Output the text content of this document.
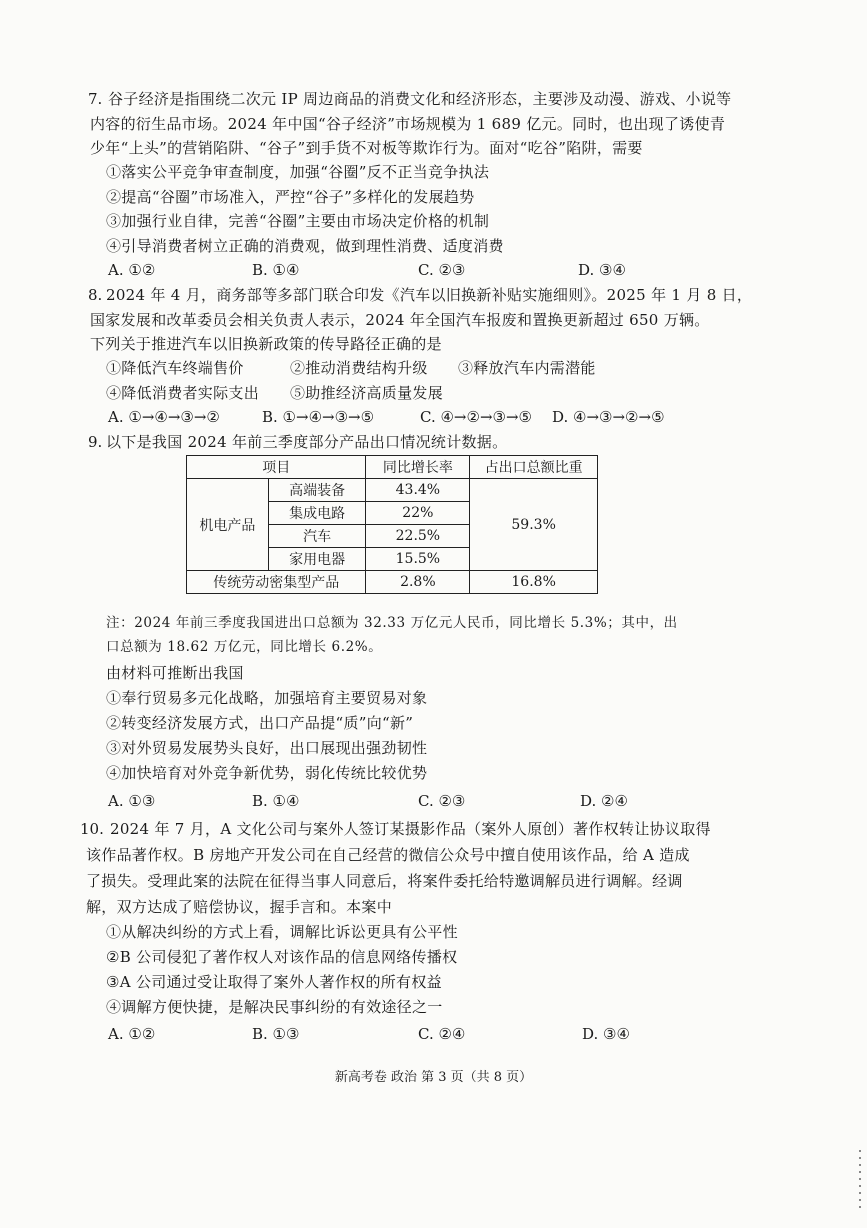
7. 谷子经济是指围绕二次元 IP 周边商品的消费文化和经济形态，主要涉及动漫、游戏、小说等
内容的衍生品市场。2024 年中国“谷子经济”市场规模为 1 689 亿元。同时，也出现了诱使青
少年“上头”的营销陷阱、“谷子”到手货不对板等欺诈行为。面对“吃谷”陷阱，需要
①落实公平竞争审查制度，加强“谷圈”反不正当竞争执法
②提高“谷圈”市场准入，严控“谷子”多样化的发展趋势
③加强行业自律，完善“谷圈”主要由市场决定价格的机制
④引导消费者树立正确的消费观，做到理性消费、适度消费
A. ①②	B. ①④	C. ②③	D. ③④
8. 2024 年 4 月，商务部等多部门联合印发《汽车以旧换新补贴实施细则》。2025 年 1 月 8 日，
国家发展和改革委员会相关负责人表示，2024 年全国汽车报废和置换更新超过 650 万辆。
下列关于推进汽车以旧换新政策的传导路径正确的是
①降低汽车终端售价	②推动消费结构升级 ③释放汽车内需潜能
④降低消费者实际支出 ⑤助推经济高质量发展
A. ①→④→③→②	B. ①→④→③→⑤	C. ④→②→③→⑤ D. ④→③→②→⑤
9. 以下是我国 2024 年前三季度部分产品出口情况统计数据。
项目		同比增长率	占出口总额比重
机电产品	高端装备	43.4%	59.3%
	集成电路	22%	
	汽车	22.5%	
	家用电器	15.5%	
传统劳动密集型产品		2.8%	16.8%
注：2024 年前三季度我国进出口总额为 32.33 万亿元人民币，同比增长 5.3%；其中，出
口总额为 18.62 万亿元，同比增长 6.2%。
由材料可推断出我国
①奉行贸易多元化战略，加强培育主要贸易对象
②转变经济发展方式，出口产品提“质”向“新”
③对外贸易发展势头良好，出口展现出强劲韧性
④加快培育对外竞争新优势，弱化传统比较优势
A. ①③	B. ①④	C. ②③	D. ②④
10. 2024 年 7 月，A 文化公司与案外人签订某摄影作品（案外人原创）著作权转让协议取得
该作品著作权。B 房地产开发公司在自己经营的微信公众号中擅自使用该作品，给 A 造成
了损失。受理此案的法院在征得当事人同意后，将案件委托给特邀调解员进行调解。经调
解，双方达成了赔偿协议，握手言和。本案中
①从解决纠纷的方式上看，调解比诉讼更具有公平性
②B 公司侵犯了著作权人对该作品的信息网络传播权
③A 公司通过受让取得了案外人著作权的所有权益
④调解方便快捷，是解决民事纠纷的有效途径之一
A. ①②	B. ①③	C. ②④	D. ③④
新高考卷 政治 第 3 页（共 8 页）
